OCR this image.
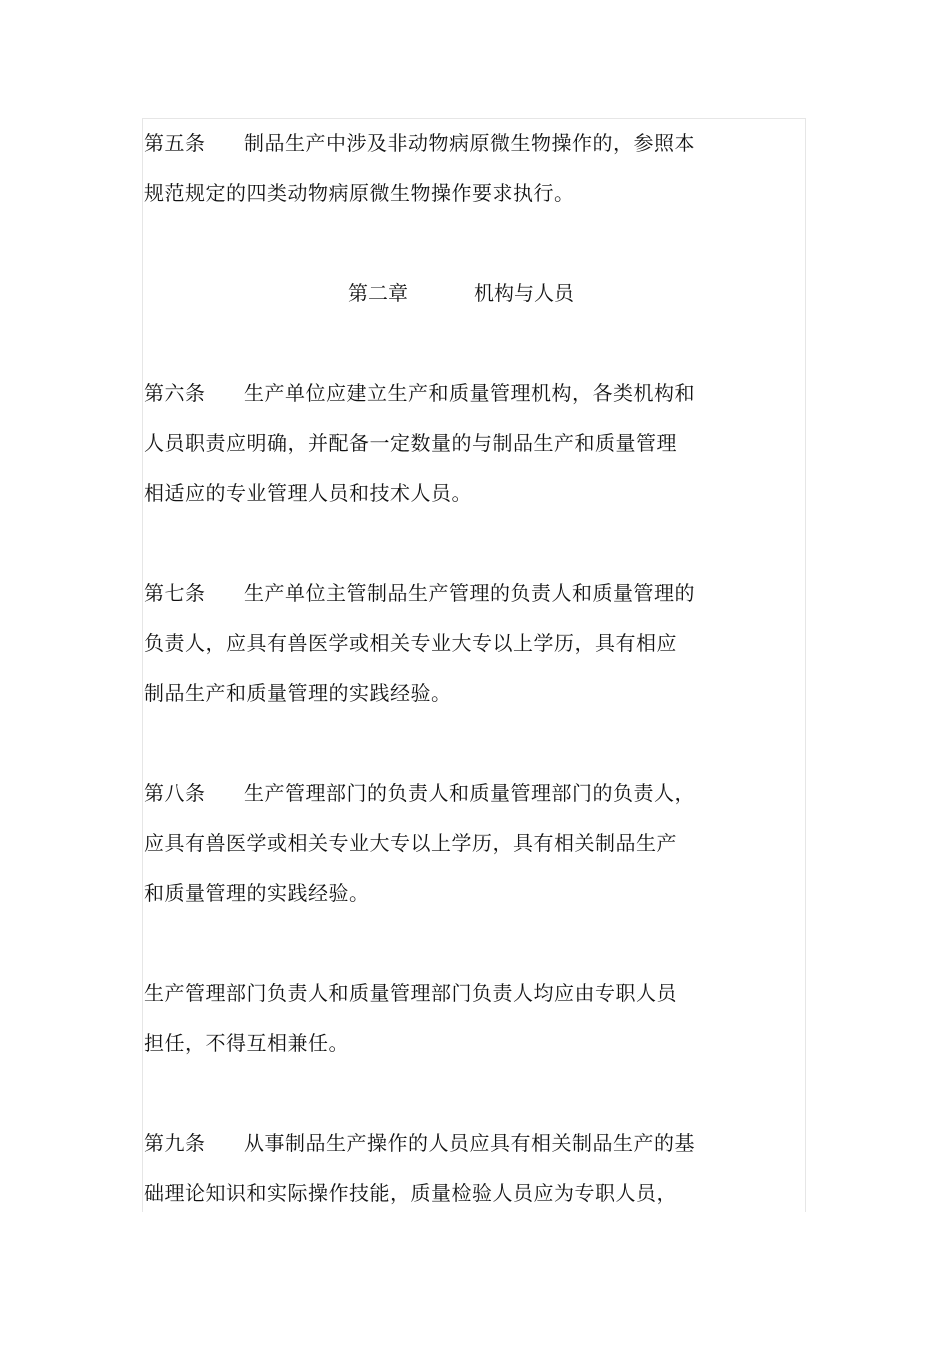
第五条 制品生产中涉及非动物病原微生物操作的，参照本
规范规定的四类动物病原微生物操作要求执行。
第二章	机构与人员
第六条 生产单位应建立生产和质量管理机构，各类机构和
人员职责应明确，并配备一定数量的与制品生产和质量管理
相适应的专业管理人员和技术人员。
第七条 生产单位主管制品生产管理的负责人和质量管理的
负责人，应具有兽医学或相关专业大专以上学历，具有相应
制品生产和质量管理的实践经验。
第八条 生产管理部门的负责人和质量管理部门的负责人，
应具有兽医学或相关专业大专以上学历，具有相关制品生产
和质量管理的实践经验。
生产管理部门负责人和质量管理部门负责人均应由专职人员
担任，不得互相兼任。
第九条 从事制品生产操作的人员应具有相关制品生产的基
础理论知识和实际操作技能，质量检验人员应为专职人员，
